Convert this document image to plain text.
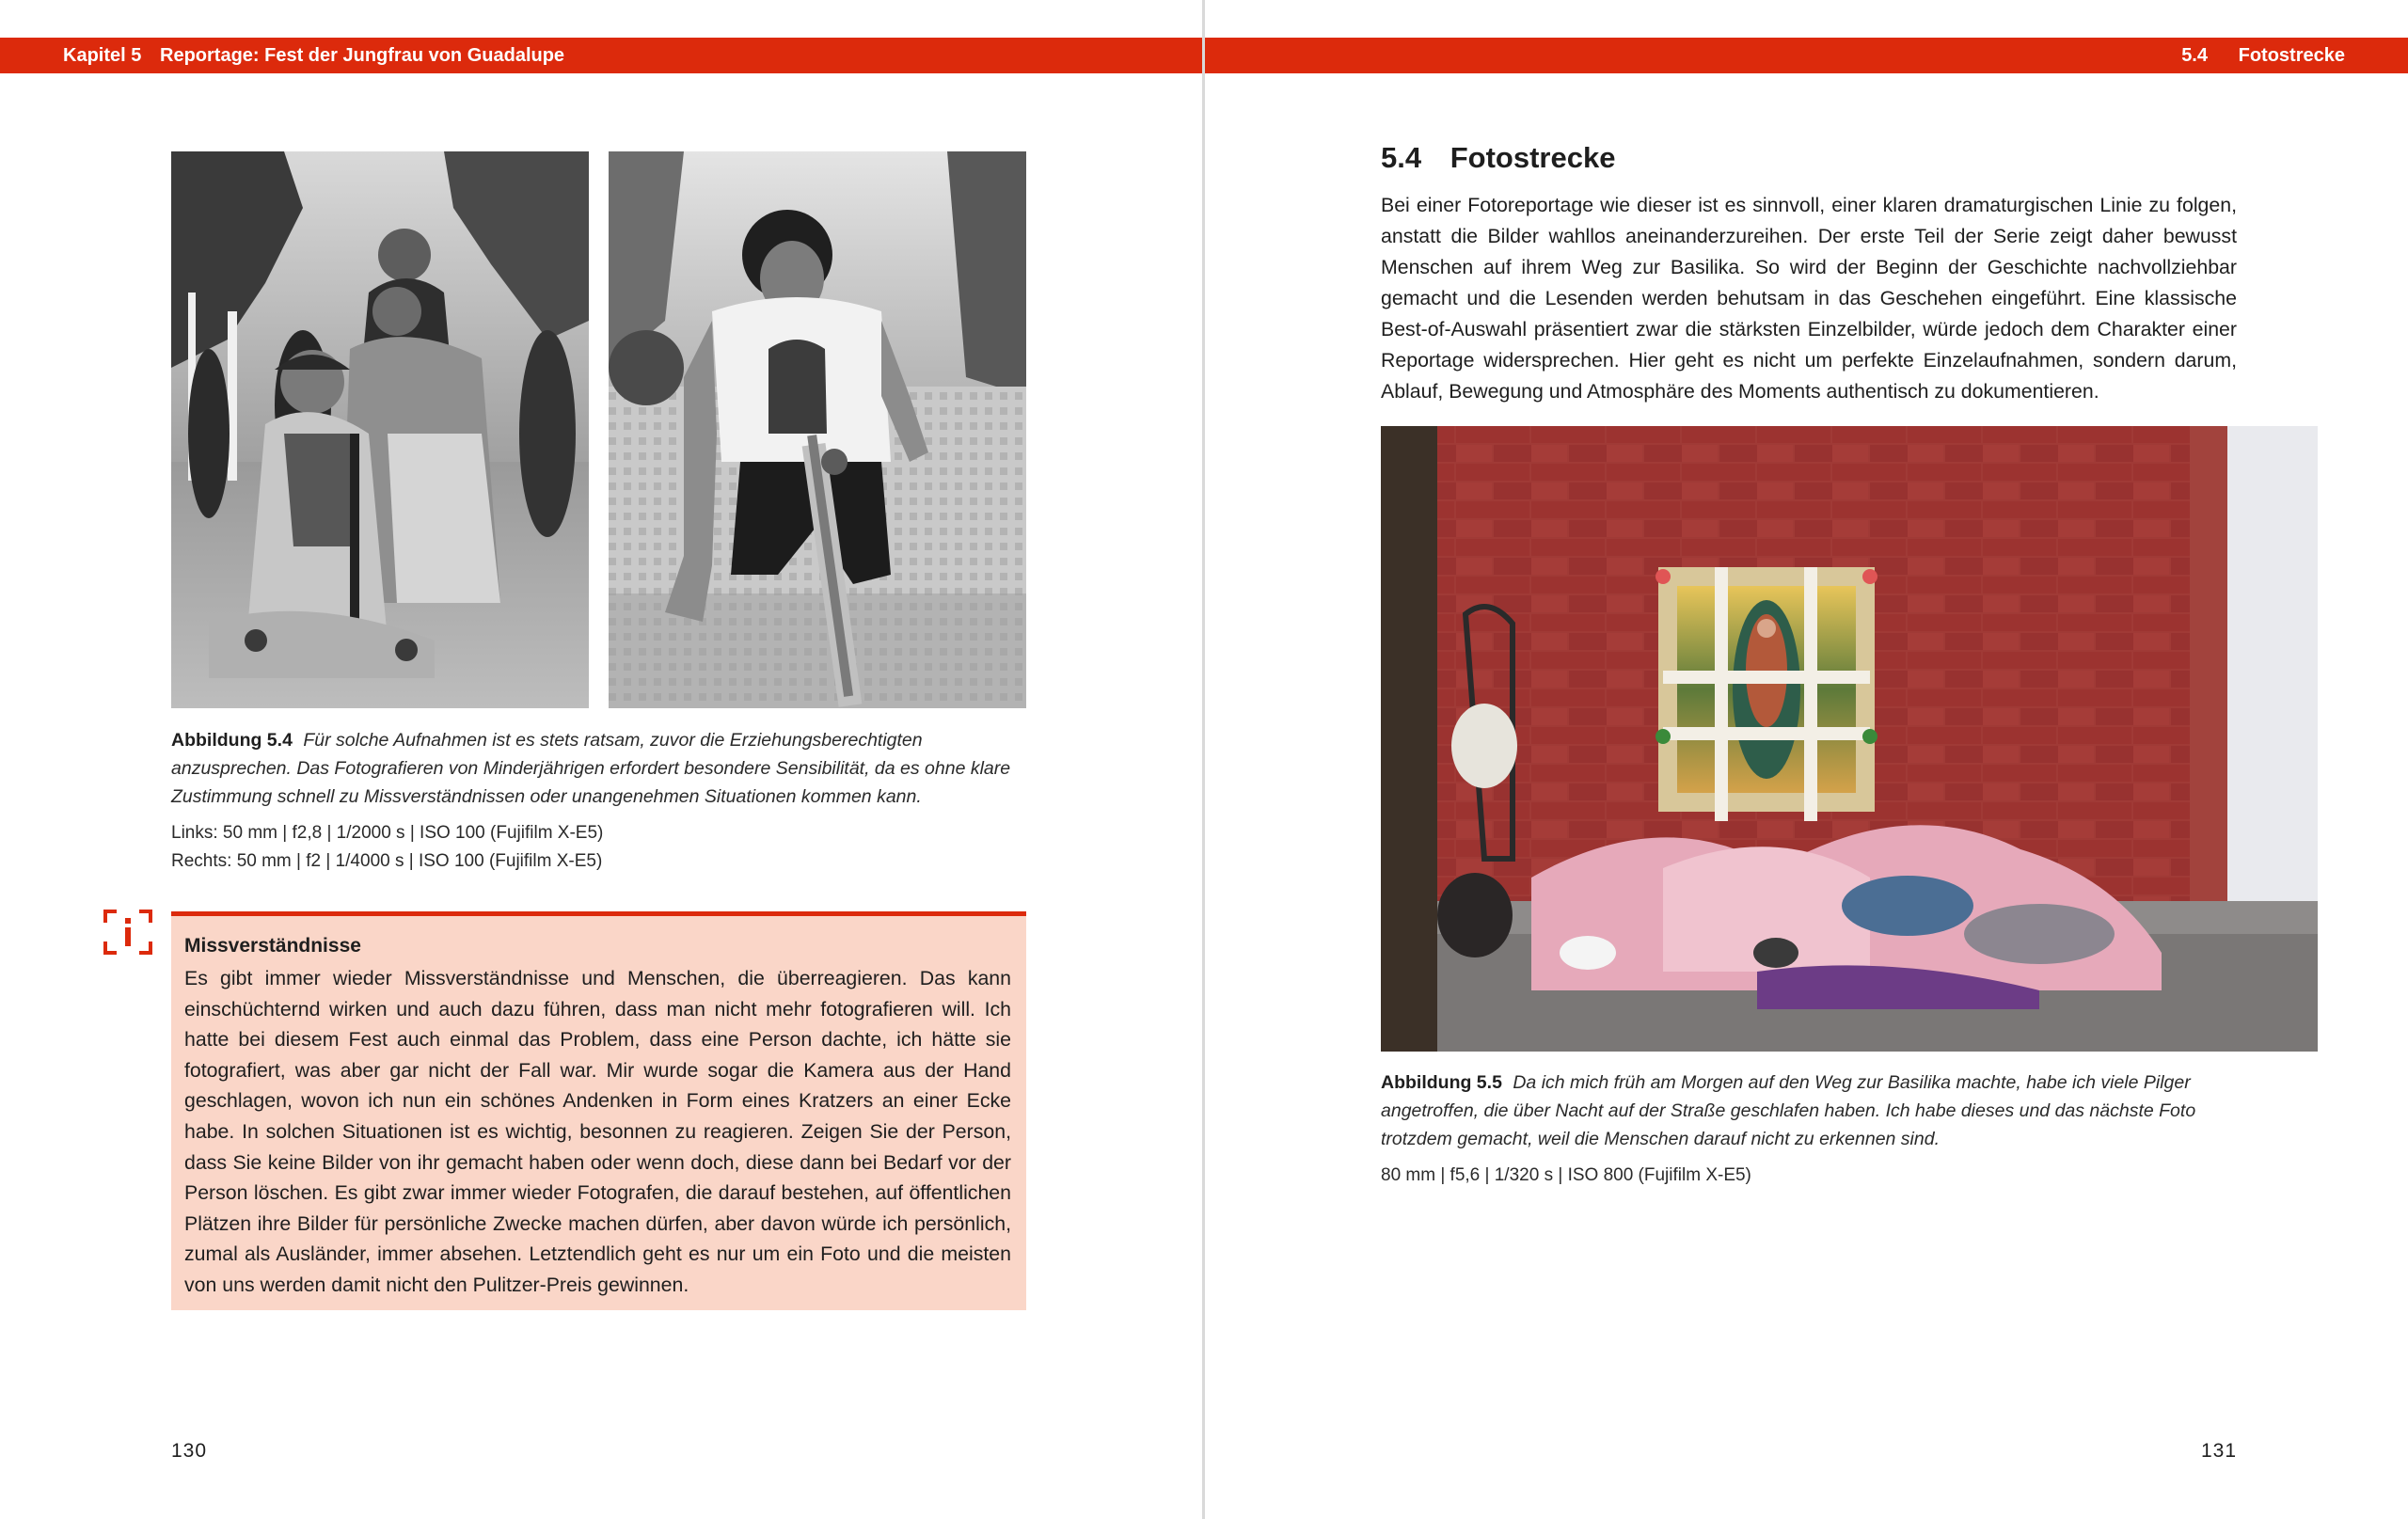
Kapitel 5 Reportage: Fest der Jungfrau von Guadalupe
Abbildung 5.4 Für solche Aufnahmen ist es stets ratsam, zuvor die Erziehungsberechtigten anzusprechen. Das Fotografieren von Minderjährigen erfordert besondere Sensibilität, da es ohne klare Zustimmung schnell zu Missverständnissen oder unangenehmen Situationen kommen kann.
Links: 50 mm | f2,8 | 1/2000 s | ISO 100 (Fujifilm X-E5)
Rechts: 50 mm | f2 | 1/4000 s | ISO 100 (Fujifilm X-E5)
Missverständnisse
Es gibt immer wieder Missverständnisse und Menschen, die überreagieren. Das kann einschüchternd wirken und auch dazu führen, dass man nicht mehr fotografieren will. Ich hatte bei diesem Fest auch einmal das Problem, dass eine Person dachte, ich hätte sie fotografiert, was aber gar nicht der Fall war. Mir wurde sogar die Kamera aus der Hand geschlagen, wovon ich nun ein schönes Andenken in Form eines Kratzers an einer Ecke habe. In solchen Situationen ist es wichtig, besonnen zu reagieren. Zeigen Sie der Person, dass Sie keine Bilder von ihr gemacht haben oder wenn doch, diese dann bei Bedarf vor der Person löschen. Es gibt zwar immer wieder Fotografen, die darauf bestehen, auf öffentlichen Plätzen ihre Bilder für persönliche Zwecke machen dürfen, aber davon würde ich persönlich, zumal als Ausländer, immer absehen. Letztendlich geht es nur um ein Foto und die meisten von uns werden damit nicht den Pulitzer-Preis gewinnen.
130
5.4 Fotostrecke
5.4 Fotostrecke
Bei einer Fotoreportage wie dieser ist es sinnvoll, einer klaren dramaturgischen Linie zu folgen, anstatt die Bilder wahllos aneinanderzureihen. Der erste Teil der Serie zeigt daher bewusst Menschen auf ihrem Weg zur Basilika. So wird der Beginn der Geschichte nachvollziehbar gemacht und die Lesenden werden behutsam in das Geschehen eingeführt. Eine klassische Best-of-Auswahl präsentiert zwar die stärksten Einzelbilder, würde jedoch dem Charakter einer Reportage widersprechen. Hier geht es nicht um perfekte Einzelaufnahmen, sondern darum, Ablauf, Bewegung und Atmosphäre des Moments authentisch zu dokumentieren.
Abbildung 5.5 Da ich mich früh am Morgen auf den Weg zur Basilika machte, habe ich viele Pilger angetroffen, die über Nacht auf der Straße geschlafen haben. Ich habe dieses und das nächste Foto trotzdem gemacht, weil die Menschen darauf nicht zu erkennen sind.
80 mm | f5,6 | 1/320 s | ISO 800 (Fujifilm X-E5)
131
